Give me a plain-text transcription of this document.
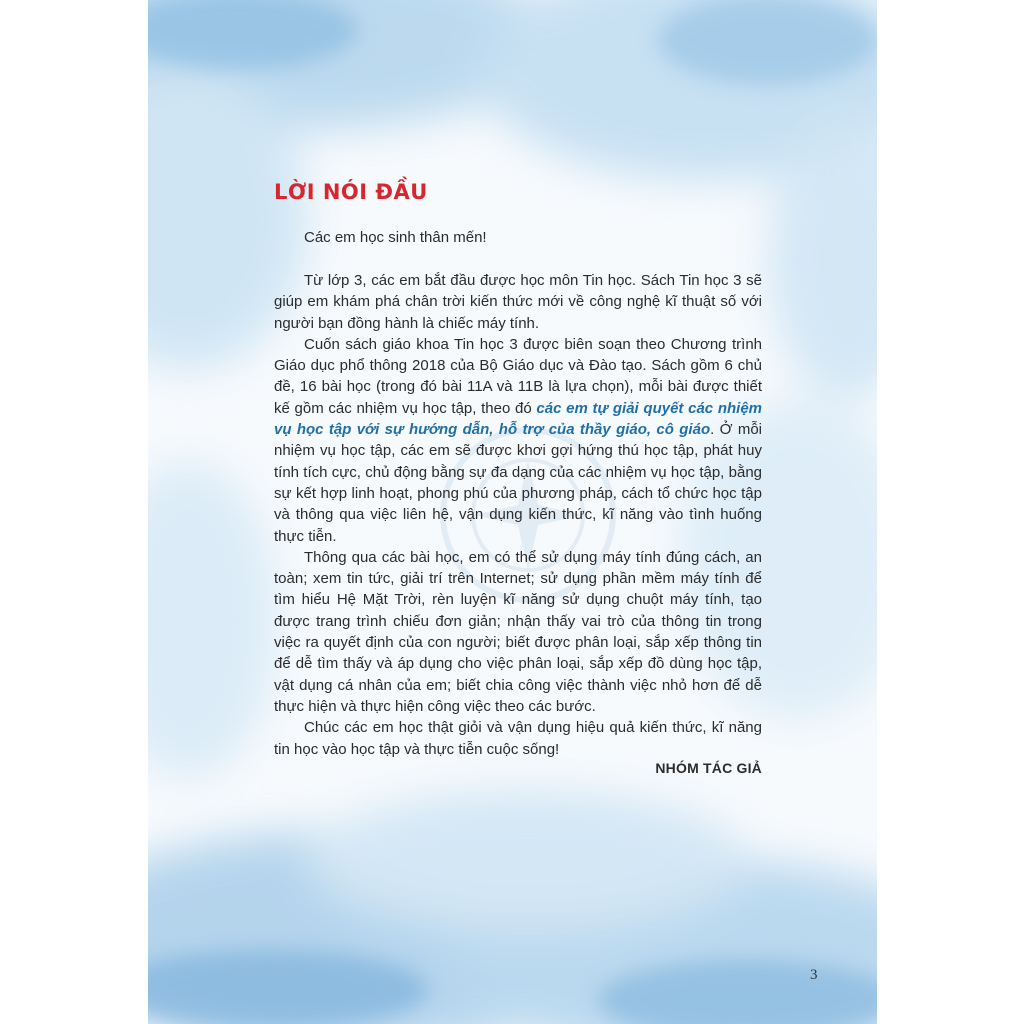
LỜI NÓI ĐẦU

Các em học sinh thân mến!

Từ lớp 3, các em bắt đầu được học môn Tin học. Sách Tin học 3 sẽ giúp em khám phá chân trời kiến thức mới về công nghệ kĩ thuật số với người bạn đồng hành là chiếc máy tính.

Cuốn sách giáo khoa Tin học 3 được biên soạn theo Chương trình Giáo dục phổ thông 2018 của Bộ Giáo dục và Đào tạo. Sách gồm 6 chủ đề, 16 bài học (trong đó bài 11A và 11B là lựa chọn), mỗi bài được thiết kế gồm các nhiệm vụ học tập, theo đó các em tự giải quyết các nhiệm vụ học tập với sự hướng dẫn, hỗ trợ của thầy giáo, cô giáo. Ở mỗi nhiệm vụ học tập, các em sẽ được khơi gợi hứng thú học tập, phát huy tính tích cực, chủ động bằng sự đa dạng của các nhiệm vụ học tập, bằng sự kết hợp linh hoạt, phong phú của phương pháp, cách tổ chức học tập và thông qua việc liên hệ, vận dụng kiến thức, kĩ năng vào tình huống thực tiễn.

Thông qua các bài học, em có thể sử dụng máy tính đúng cách, an toàn; xem tin tức, giải trí trên Internet; sử dụng phần mềm máy tính để tìm hiểu Hệ Mặt Trời, rèn luyện kĩ năng sử dụng chuột máy tính, tạo được trang trình chiếu đơn giản; nhận thấy vai trò của thông tin trong việc ra quyết định của con người; biết được phân loại, sắp xếp thông tin để dễ tìm thấy và áp dụng cho việc phân loại, sắp xếp đồ dùng học tập, vật dụng cá nhân của em; biết chia công việc thành việc nhỏ hơn để dễ thực hiện và thực hiện công việc theo các bước.

Chúc các em học thật giỏi và vận dụng hiệu quả kiến thức, kĩ năng tin học vào học tập và thực tiễn cuộc sống!

NHÓM TÁC GIẢ

3
